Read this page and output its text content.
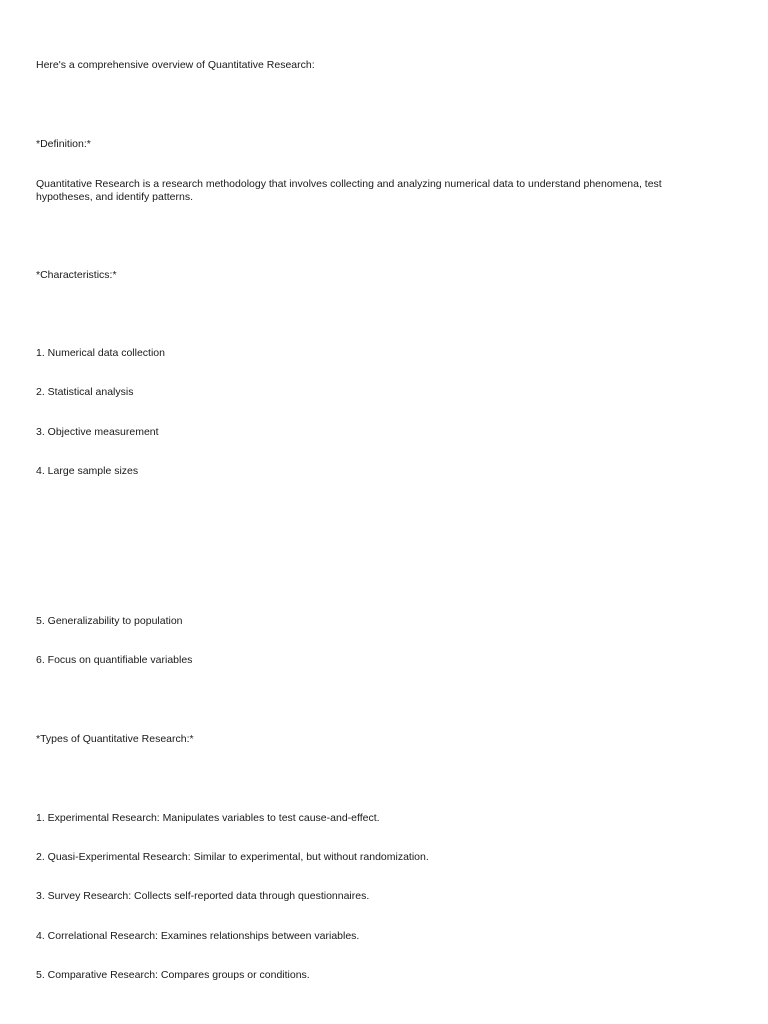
Here's a comprehensive overview of Quantitative Research:

*Definition:*

Quantitative Research is a research methodology that involves collecting and analyzing numerical data to understand phenomena, test hypotheses, and identify patterns.

*Characteristics:*

1. Numerical data collection

2. Statistical analysis

3. Objective measurement

4. Large sample sizes

5. Generalizability to population

6. Focus on quantifiable variables

*Types of Quantitative Research:*

1. Experimental Research: Manipulates variables to test cause-and-effect.

2. Quasi-Experimental Research: Similar to experimental, but without randomization.

3. Survey Research: Collects self-reported data through questionnaires.

4. Correlational Research: Examines relationships between variables.

5. Comparative Research: Compares groups or conditions.
